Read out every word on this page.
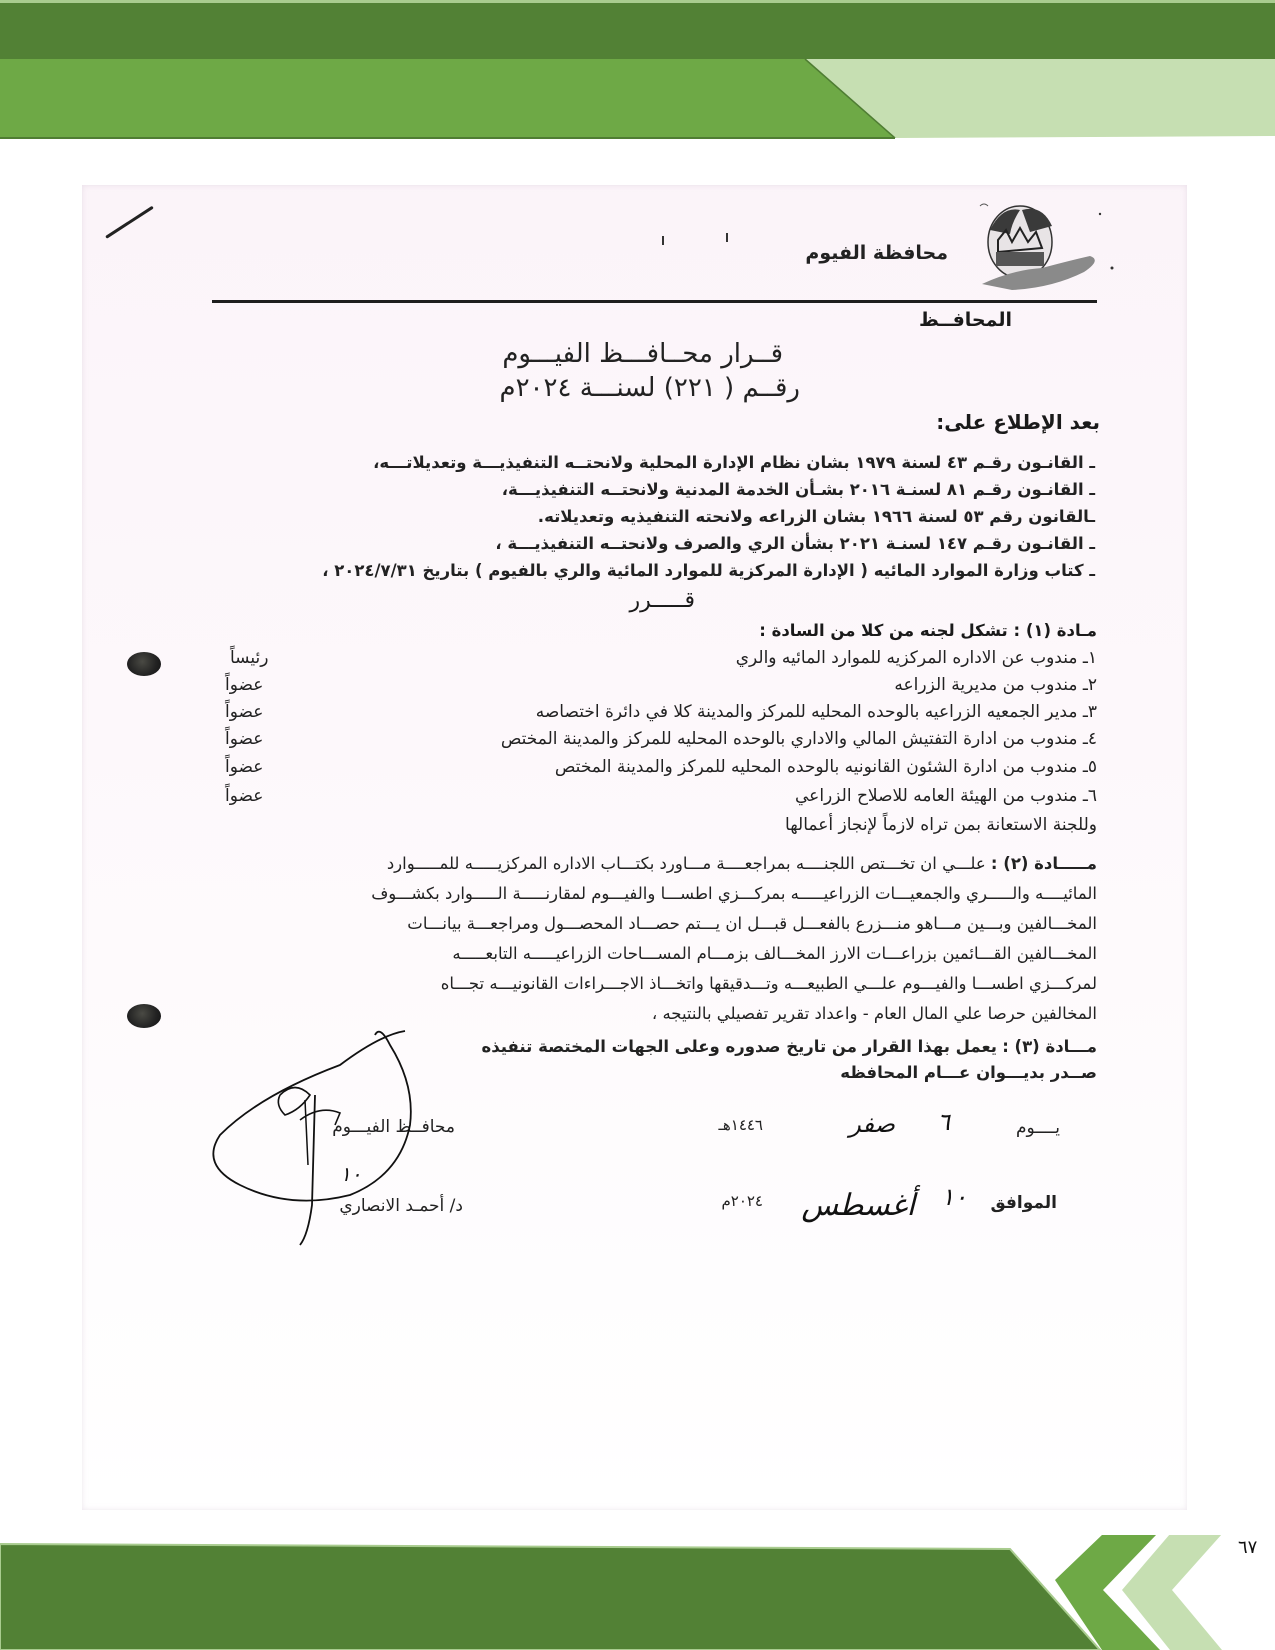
محافظة الفيوم
المحافــظ
قــرار محــافـــظ الفيـــوم
رقــم ( ٢٢١) لسنـــة ٢٠٢٤م
بعد الإطلاع على:
ـ القانـون رقـم ٤٣ لسنة ١٩٧٩ بشان نظام الإدارة المحلية ولانحتــه التنفيذيـــة وتعديلاتـــه،
ـ القانـون رقـم ٨١ لسنـة ٢٠١٦ بشـأن الخدمة المدنية ولانحتــه التنفيذيـــة،
ـالقانون رقم ٥٣ لسنة ١٩٦٦ بشان الزراعه ولانحته التنفيذيه وتعديلاته.
ـ القانـون رقـم ١٤٧ لسنـة ٢٠٢١ بشأن الري والصرف ولانحتــه التنفيذيـــة ،
ـ كتاب وزارة الموارد المائيه ( الإدارة المركزية للموارد المائية والري بالفيوم ) بتاريخ ٢٠٢٤/٧/٣١ ،
قـــــرر
مـادة (١) : تشكل لجنه من كلا من السادة :
١ـ مندوب عن الاداره المركزيه للموارد المائيه والري
رئيساً
٢ـ مندوب من مديرية الزراعه
عضواً
٣ـ مدير الجمعيه الزراعيه بالوحده المحليه للمركز والمدينة كلا في دائرة اختصاصه
عضواً
٤ـ مندوب من ادارة التفتيش المالي والاداري بالوحده المحليه للمركز والمدينة المختص
عضواً
٥ـ مندوب من ادارة الشئون القانونيه بالوحده المحليه للمركز والمدينة المختص
عضواً
٦ـ مندوب من الهيئة العامه للاصلاح الزراعي
عضواً
وللجنة الاستعانة بمن تراه لازماً لإنجاز أعمالها
مـــــادة (٢) : علـــي ان تخـــتص اللجنــــه بمراجعــــة مـــاورد بكتـــاب الاداره المركزيـــــه للمـــــوارد
المائيــــه والـــــري والجمعيـــات الزراعيـــــه بمركـــزي اطســـا والفيـــوم لمقارنـــــة الـــــوارد بكشـــوف
المخـــالفين وبـــين مـــاهو منـــزرع بالفعـــل قبـــل ان يـــتم حصـــاد المحصـــول ومراجعـــة بيانـــات
المخـــالفين القـــائمين بزراعـــات الارز المخـــالف بزمـــام المســـاحات الزراعيـــــه التابعـــــه
لمركـــزي اطســـا والفيـــوم علـــي الطبيعـــه وتـــدقيقها واتخـــاذ الاجـــراءات القانونيـــه تجـــاه
المخالفين حرصا علي المال العام - واعداد تقرير تفصيلي بالنتيجه ،
مـــادة (٣) : يعمل بهذا القرار من تاريخ صدوره وعلى الجهات المختصة تنفيذه
صــدر بديـــوان عـــام المحافظه
يــــوم
٦
صفر
١٤٤٦هـ
الموافق
١٠
أغسطس
٢٠٢٤م
محافــظ الفيـــوم
د/ أحمـد الانصاري
١٠
٦٧
